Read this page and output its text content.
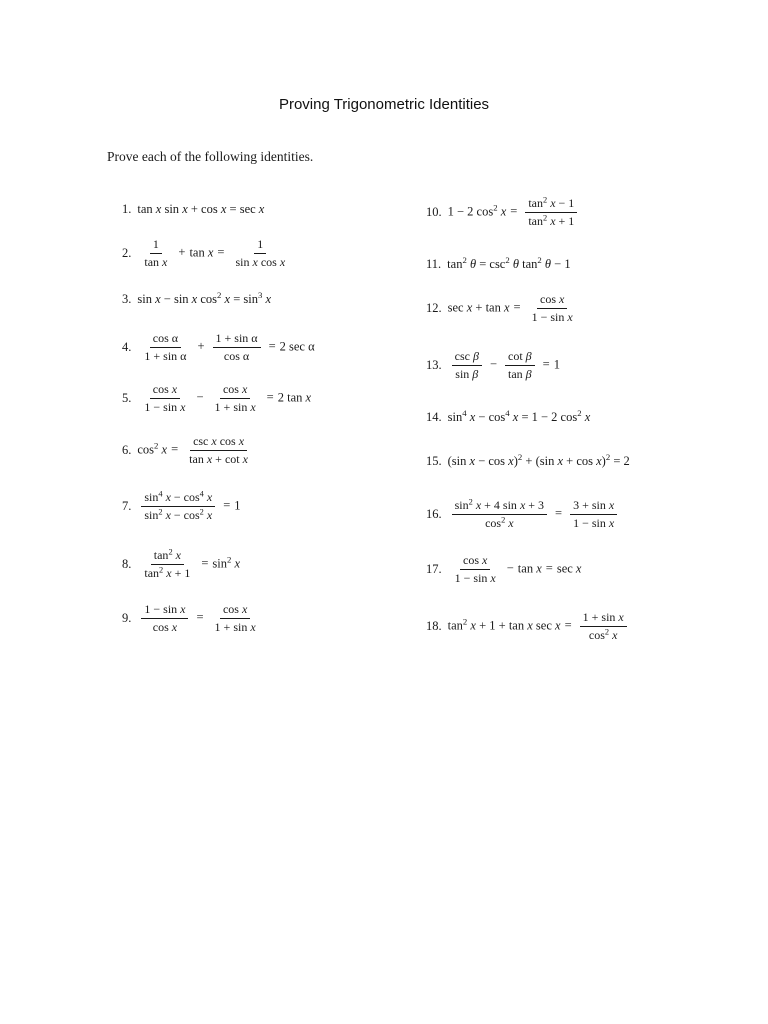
Proving Trigonometric Identities
Prove each of the following identities.
1. tan x sin x + cos x = sec x
2. $\frac{1}{\text{tan x}} + \tan x = \frac{1}{\text{sin x cos x}}$
3. sin x − sin x $\cos^2 x = \sin^3 x$
4. $\frac{\text{cos α}}{\text{1 + sin α}} + \frac{\text{1 + sin α}}{\text{cos α}} = 2$ sec α
5. $\frac{\text{cos x}}{\text{1 − sin x}} - \frac{\text{cos x}}{\text{1 + sin x}} = 2$ tan x
6. $\cos^2 x = \frac{\text{csc x cos x}}{\text{tan x + cot x}}$
7. $\frac{\sin^4 x - \cos^4 x}{\sin^2 x - \cos^2 x} = 1$
8. $\frac{\tan^2 x}{\tan^2 x + 1} = \sin^2 x$
9. $\frac{\text{1 − sin x}}{\text{cos x}} = \frac{\text{cos x}}{\text{1 + sin x}}$
10. 1 − 2 $\cos^2 x = \frac{\tan^2 x - 1}{\tan^2 x + 1}$
11. $\tan^2 \theta = \csc^2 \theta$ $\tan^2 \theta - 1$
12. $\sec x + \tan x = \frac{\text{cos x}}{\text{1 − sin x}}$
13. $\frac{\text{csc β}}{\text{sin β}} - \frac{\text{cot β}}{\text{tan β}} = 1$
14. $\sin^4 x - \cos^4 x = 1 - 2$ $\cos^2 x$
15. (sin x − cos x)$^2$ + (sin x + cos x)$^2$ = 2
16. $\frac{\sin^2 x + 4 \sin x + 3}{\cos^2 x} = \frac{\text{3 + sin x}}{\text{1 − sin x}}$
17. $\frac{\text{cos x}}{\text{1 − sin x}} - \tan x = \sec x$
18. $\tan^2 x + 1 + \tan x$ $\sec x = \frac{\text{1 + sin x}}{\cos^2 x}$
